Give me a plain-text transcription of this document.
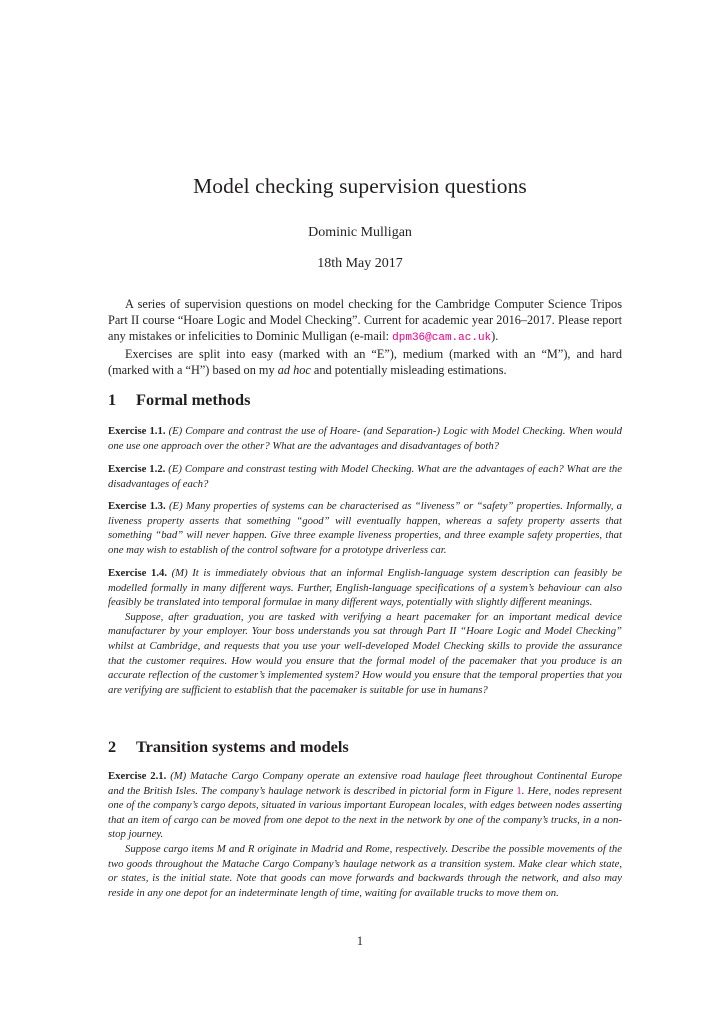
Model checking supervision questions
Dominic Mulligan
18th May 2017

A series of supervision questions on model checking for the Cambridge Computer Science Tripos Part II course “Hoare Logic and Model Checking”. Current for academic year 2016–2017. Please report any mistakes or infelicities to Dominic Mulligan (e-mail: dpm36@cam.ac.uk).

Exercises are split into easy (marked with an “E”), medium (marked with an “M”), and hard (marked with a “H”) based on my ad hoc and potentially misleading estimations.

1 Formal methods

Exercise 1.1. (E) Compare and contrast the use of Hoare- (and Separation-) Logic with Model Checking. When would one use one approach over the other? What are the advantages and disadvantages of both?

Exercise 1.2. (E) Compare and constrast testing with Model Checking. What are the advantages of each? What are the disadvantages of each?

Exercise 1.3. (E) Many properties of systems can be characterised as “liveness” or “safety” properties. Informally, a liveness property asserts that something “good” will eventually happen, whereas a safety property asserts that something “bad” will never happen. Give three example liveness properties, and three example safety properties, that one may wish to establish of the control software for a prototype driverless car.

Exercise 1.4. (M) It is immediately obvious that an informal English-language system description can feasibly be modelled formally in many different ways. Further, English-language specifications of a system’s behaviour can also feasibly be translated into temporal formulae in many different ways, potentially with slightly different meanings.

Suppose, after graduation, you are tasked with verifying a heart pacemaker for an important medical device manufacturer by your employer. Your boss understands you sat through Part II “Hoare Logic and Model Checking” whilst at Cambridge, and requests that you use your well-developed Model Checking skills to provide the assurance that the customer requires. How would you ensure that the formal model of the pacemaker that you produce is an accurate reflection of the customer’s implemented system? How would you ensure that the temporal properties that you are verifying are sufficient to establish that the pacemaker is suitable for use in humans?

2 Transition systems and models

Exercise 2.1. (M) Matache Cargo Company operate an extensive road haulage fleet throughout Continental Europe and the British Isles. The company’s haulage network is described in pictorial form in Figure 1. Here, nodes represent one of the company’s cargo depots, situated in various important European locales, with edges between nodes asserting that an item of cargo can be moved from one depot to the next in the network by one of the company’s trucks, in a non-stop journey.

Suppose cargo items M and R originate in Madrid and Rome, respectively. Describe the possible movements of the two goods throughout the Matache Cargo Company’s haulage network as a transition system. Make clear which state, or states, is the initial state. Note that goods can move forwards and backwards through the network, and also may reside in any one depot for an indeterminate length of time, waiting for available trucks to move them on.

1
